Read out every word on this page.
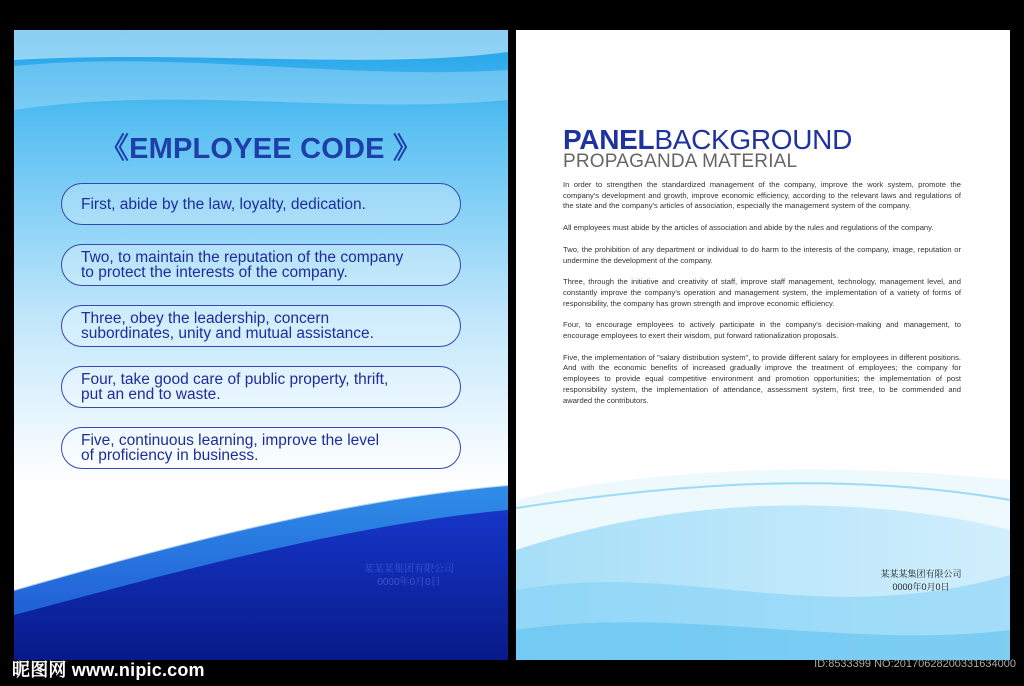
《EMPLOYEE CODE 》
First, abide by the law, loyalty, dedication.
Two, to maintain the reputation of the company
to protect the interests of the company.
Three, obey the leadership, concern
subordinates, unity and mutual assistance.
Four, take good care of public property, thrift,
put an end to waste.
Five, continuous learning, improve the level
of proficiency in business.
某某某集团有限公司
0000年0月0日
PANELBACKGROUND
PROPAGANDA MATERIAL

In order to strengthen the standardized management of the company, improve the work system, promote the company's development and growth, improve economic efficiency, according to the relevant laws and regulations of the state and the company's articles of association, especially the management system of the company.

All employees must abide by the articles of association and abide by the rules and regulations of the company.

Two, the prohibition of any department or individual to do harm to the interests of the company, image, reputation or undermine the development of the company.

Three, through the initiative and creativity of staff, improve staff management, technology, management level, and constantly improve the company's operation and management system, the implementation of a variety of forms of responsibility, the company has grown strength and improve economic efficiency.

Four, to encourage employees to actively participate in the company's decision-making and management, to encourage employees to exert their wisdom, put forward rationalization proposals.

Five, the implementation of "salary distribution system", to provide different salary for employees in different positions. And with the economic benefits of increased gradually improve the treatment of employees; the company for employees to provide equal competitive environment and promotion opportunities; the implementation of post responsibility system, the implementation of attendance, assessment system, first tree, to be commended and awarded the contributors.

某某某集团有限公司
0000年0月0日
昵图网 www.nipic.com	ID:8533399 NO:20170628200331634000
